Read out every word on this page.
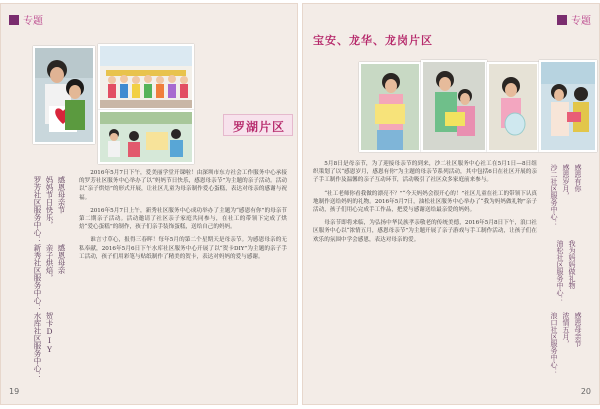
专题
罗湖片区
罗芳社区服务中心： 妈妈节日快乐， 感恩母亲节
新秀社区服务中心： 亲子烘焙， 感恩母亲
水库社区服务中心： 贺卡DIY

2016年5月7日下午，爱美丽学堂开课啦！由深圳市东方社会工作服务中心承接的罗芳社区服务中心举办了以“妈妈节日快乐，感恩母亲节”为主题的亲子活动。活动以“亲子烘焙”的形式开展，让社区儿童为母亲制作爱心蛋糕，表达对母亲的感谢与祝福。

2016年5月7日上午，新秀社区服务中心成功举办了主题为“感恩有你”的母亲节第二期亲子活动。活动邀请了社区亲子家庭共同参与，在社工的带领下完成了烘焙“爱心蛋糕”的制作，孩子们亲手装饰蛋糕，送给自己的妈妈。

谁言寸草心，报得三春晖！每年5月的第二个星期天是母亲节。为感恩母亲的无私奉献，2016年5月6日下午水库社区服务中心开展了以“贺卡DIY”为主题的亲子手工活动，孩子们用彩笔与贴纸制作了精美的贺卡，表达对妈妈的爱与感谢。

19
专题
宝安、龙华、龙岗片区
沙二社区服务中心： 感恩岁月， 感恩有你
油松社区服务中心： 我为妈妈做礼物
浪口社区服务中心： 浓情五月， 感恩母亲节

5月8日是母亲节，为了迎接母亲节的到来，沙二社区服务中心社工在5月1日—8日组织策划了以“感恩岁月，感恩有你”为主题的母亲节系列活动，其中包括6日在社区开展的亲子手工制作及温馨的亲子互动环节，活动吸引了社区众多家庭前来参与。

“社工老师你看我做的漂亮不？”“今天妈妈会很开心的！”社区儿童在社工的带领下认真地制作送给妈妈的礼物。2016年5月7日，油松社区服务中心举办了“我为妈妈做礼物”亲子活动，孩子们用心完成手工作品，把爱与感谢送给最亲爱的妈妈。

母亲节即将来临，为弘扬中华民族孝亲敬老的传统美德，2016年5月8日下午，浪口社区服务中心以“浓情五月，感恩母亲节”为主题开展了亲子游戏与手工制作活动，让孩子们在欢乐的氛围中学会感恩，表达对母亲的爱。

20
